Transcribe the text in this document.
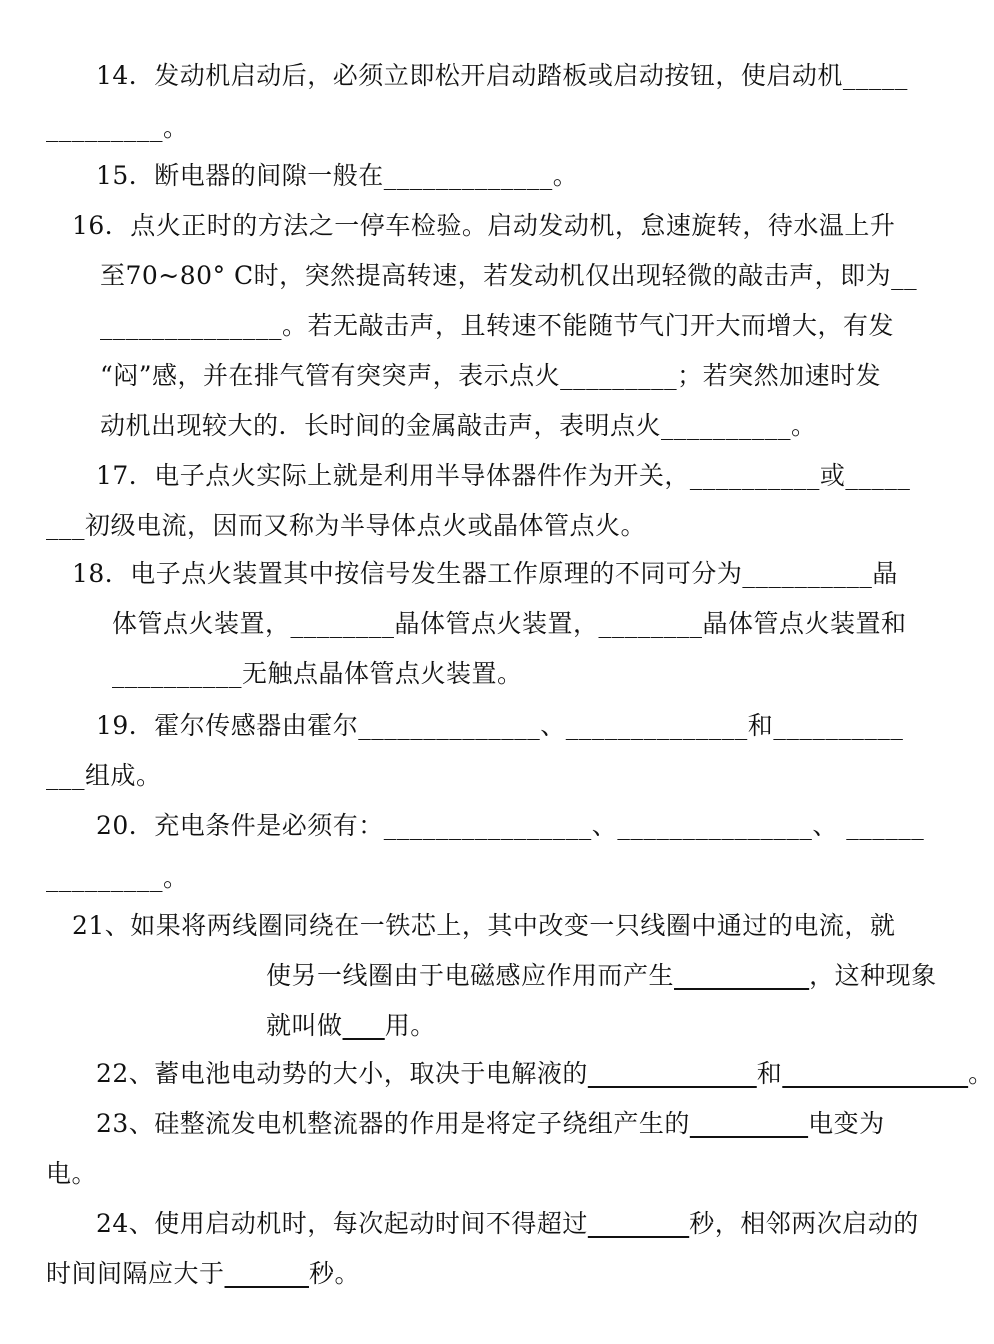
14．发动机启动后，必须立即松开启动踏板或启动按钮，使启动机_____
_________。
15．断电器的间隙一般在_____________。
16．点火正时的方法之一停车检验。启动发动机，怠速旋转，待水温上升
至70~80° C时，突然提高转速，若发动机仅出现轻微的敲击声，即为__
______________。若无敲击声，且转速不能随节气门开大而增大，有发
“闷”感，并在排气管有突突声，表示点火_________；若突然加速时发
动机出现较大的．长时间的金属敲击声，表明点火__________。
17．电子点火实际上就是利用半导体器件作为开关，__________或_____
___初级电流，因而又称为半导体点火或晶体管点火。
18．电子点火装置其中按信号发生器工作原理的不同可分为__________晶
体管点火装置，________晶体管点火装置，________晶体管点火装置和
__________无触点晶体管点火装置。
19．霍尔传感器由霍尔______________、______________和__________
___组成。
20．充电条件是必须有：________________、_______________、 ______
_________。
21、如果将两线圈同绕在一铁芯上，其中改变一只线圈中通过的电流，就
使另一线圈由于电磁感应作用而产生	，这种现象
就叫做 用。
22、蓄电池电动势的大小，取决于电解液的	和	。
23、硅整流发电机整流器的作用是将定子绕组产生的	电变为
电。
24、使用启动机时，每次起动时间不得超过	秒，相邻两次启动的
时间间隔应大于	秒。
